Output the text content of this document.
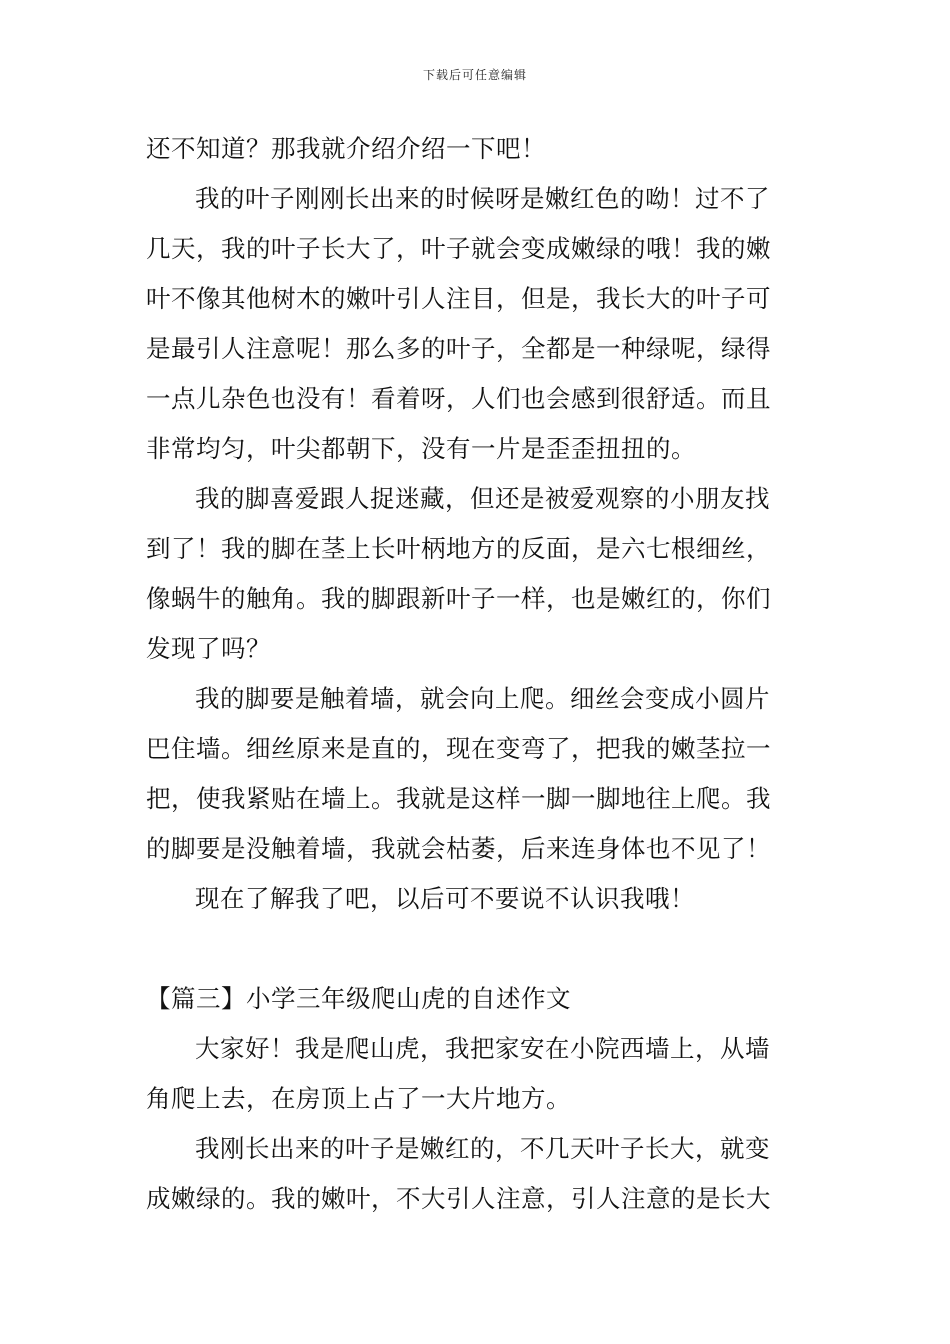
下载后可任意编辑
还不知道？那我就介绍介绍一下吧！
我的叶子刚刚长出来的时候呀是嫩红色的呦！过不了
几天，我的叶子长大了，叶子就会变成嫩绿的哦！我的嫩
叶不像其他树木的嫩叶引人注目，但是，我长大的叶子可
是最引人注意呢！那么多的叶子，全都是一种绿呢，绿得
一点儿杂色也没有！看着呀，人们也会感到很舒适。而且
非常均匀，叶尖都朝下，没有一片是歪歪扭扭的。
我的脚喜爱跟人捉迷藏，但还是被爱观察的小朋友找
到了！我的脚在茎上长叶柄地方的反面，是六七根细丝，
像蜗牛的触角。我的脚跟新叶子一样，也是嫩红的，你们
发现了吗？
我的脚要是触着墙，就会向上爬。细丝会变成小圆片
巴住墙。细丝原来是直的，现在变弯了，把我的嫩茎拉一
把，使我紧贴在墙上。我就是这样一脚一脚地往上爬。我
的脚要是没触着墙，我就会枯萎，后来连身体也不见了！
现在了解我了吧，以后可不要说不认识我哦！
【篇三】小学三年级爬山虎的自述作文
大家好！我是爬山虎，我把家安在小院西墙上，从墙
角爬上去，在房顶上占了一大片地方。
我刚长出来的叶子是嫩红的，不几天叶子长大，就变
成嫩绿的。我的嫩叶，不大引人注意，引人注意的是长大
